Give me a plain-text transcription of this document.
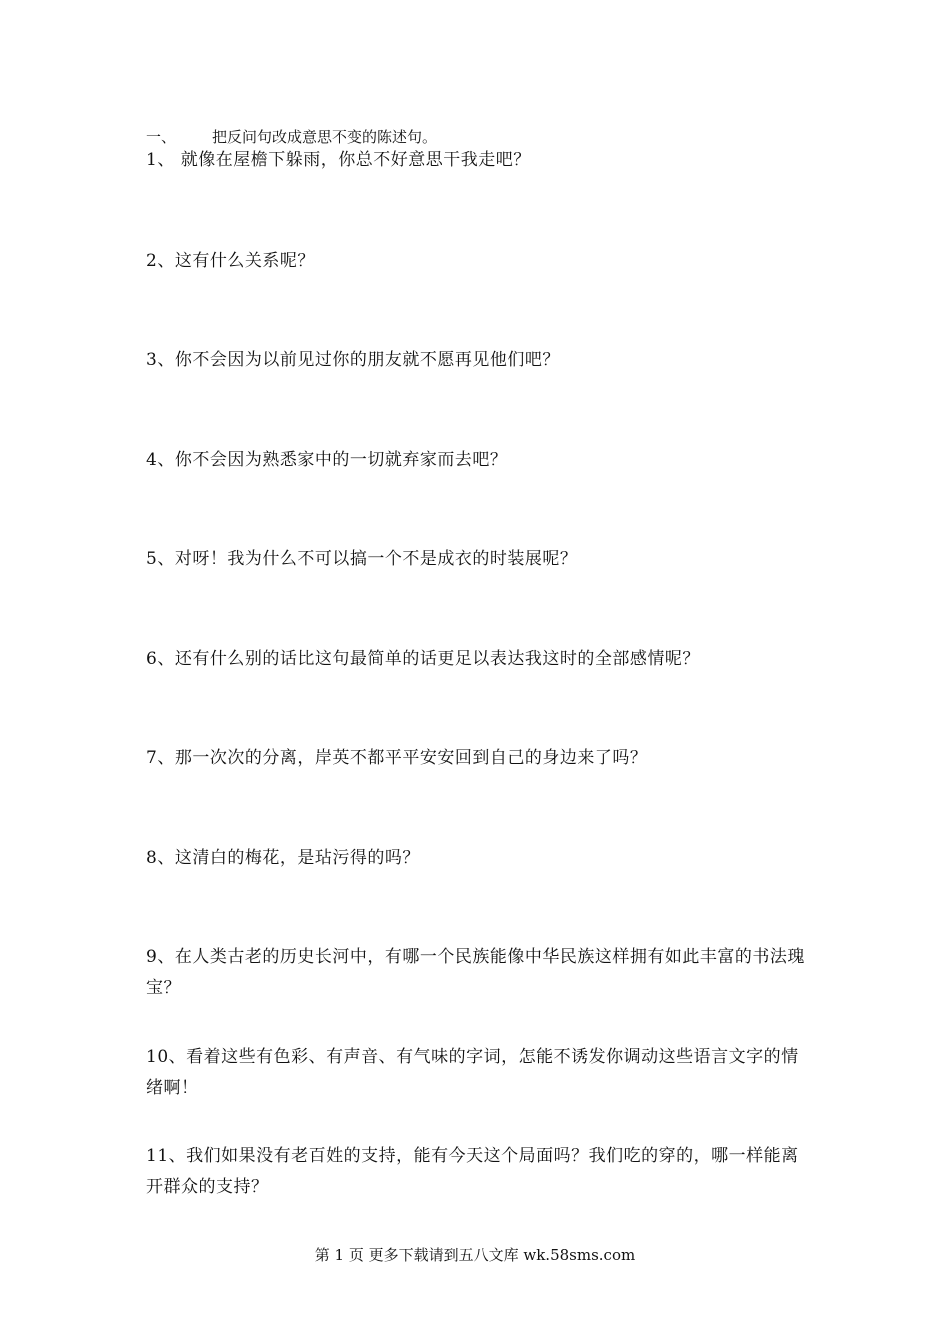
一、 把反问句改成意思不变的陈述句。
1、 就像在屋檐下躲雨，你总不好意思干我走吧？
2、这有什么关系呢？
3、你不会因为以前见过你的朋友就不愿再见他们吧？
4、你不会因为熟悉家中的一切就弃家而去吧？
5、对呀！我为什么不可以搞一个不是成衣的时装展呢？
6、还有什么别的话比这句最简单的话更足以表达我这时的全部感情呢？
7、那一次次的分离，岸英不都平平安安回到自己的身边来了吗？
8、这清白的梅花，是玷污得的吗？
9、在人类古老的历史长河中，有哪一个民族能像中华民族这样拥有如此丰富的书法瑰宝？
10、看着这些有色彩、有声音、有气味的字词，怎能不诱发你调动这些语言文字的情绪啊！
11、我们如果没有老百姓的支持，能有今天这个局面吗？我们吃的穿的，哪一样能离开群众的支持？
第 1 页 更多下载请到五八文库 wk.58sms.com
